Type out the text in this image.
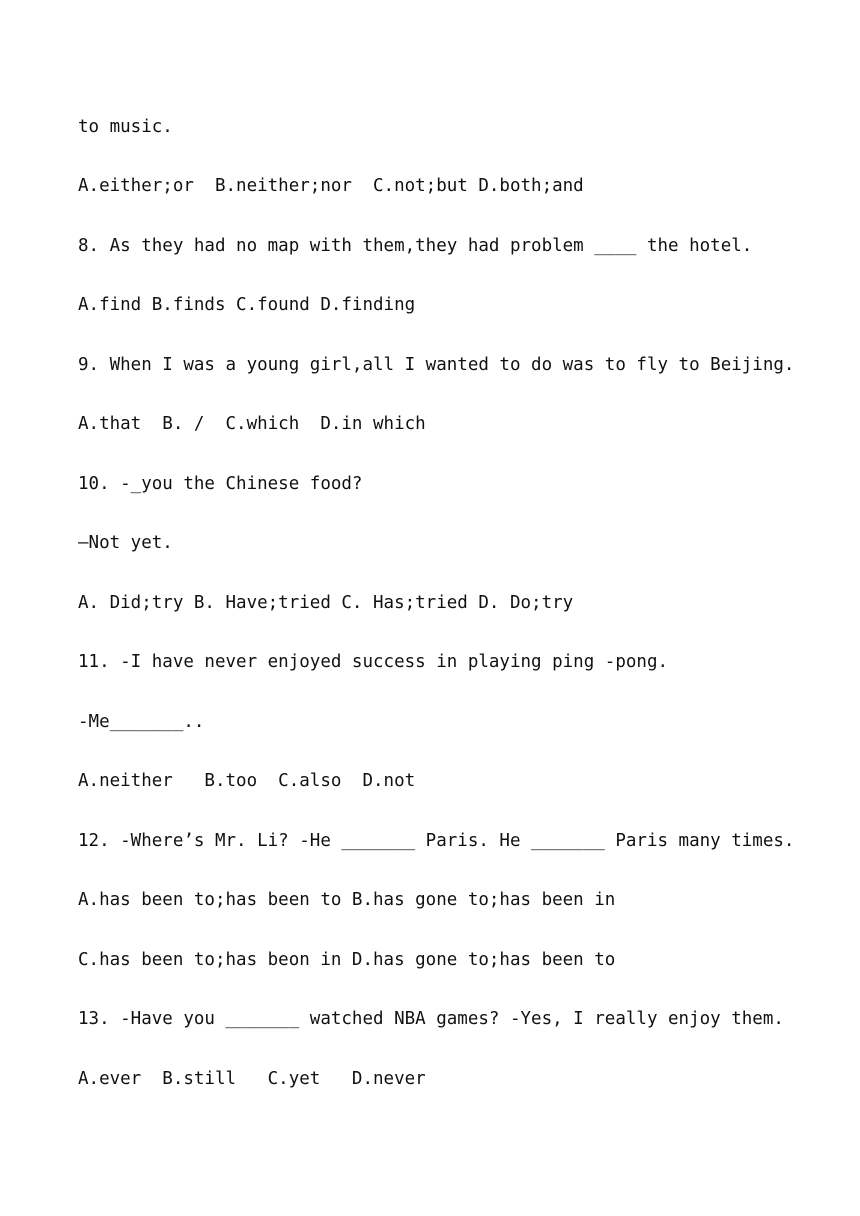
to music.
A.either;or  B.neither;nor  C.not;but D.both;and
8. As they had no map with them,they had problem ____ the hotel.
A.find B.finds C.found D.finding
9. When I was a young girl,all I wanted to do was to fly to Beijing.
A.that  B. /  C.which  D.in which
10. -_you the Chinese food?
—Not yet.
A. Did;try B. Have;tried C. Has;tried D. Do;try
11. -I have never enjoyed success in playing ping -pong.
-Me_______..
A.neither   B.too  C.also  D.not
12. -Where’s Mr. Li? -He _______ Paris. He _______ Paris many times.
A.has been to;has been to B.has gone to;has been in
C.has been to;has beon in D.has gone to;has been to
13. -Have you _______ watched NBA games? -Yes, I really enjoy them.
A.ever  B.still   C.yet   D.never
